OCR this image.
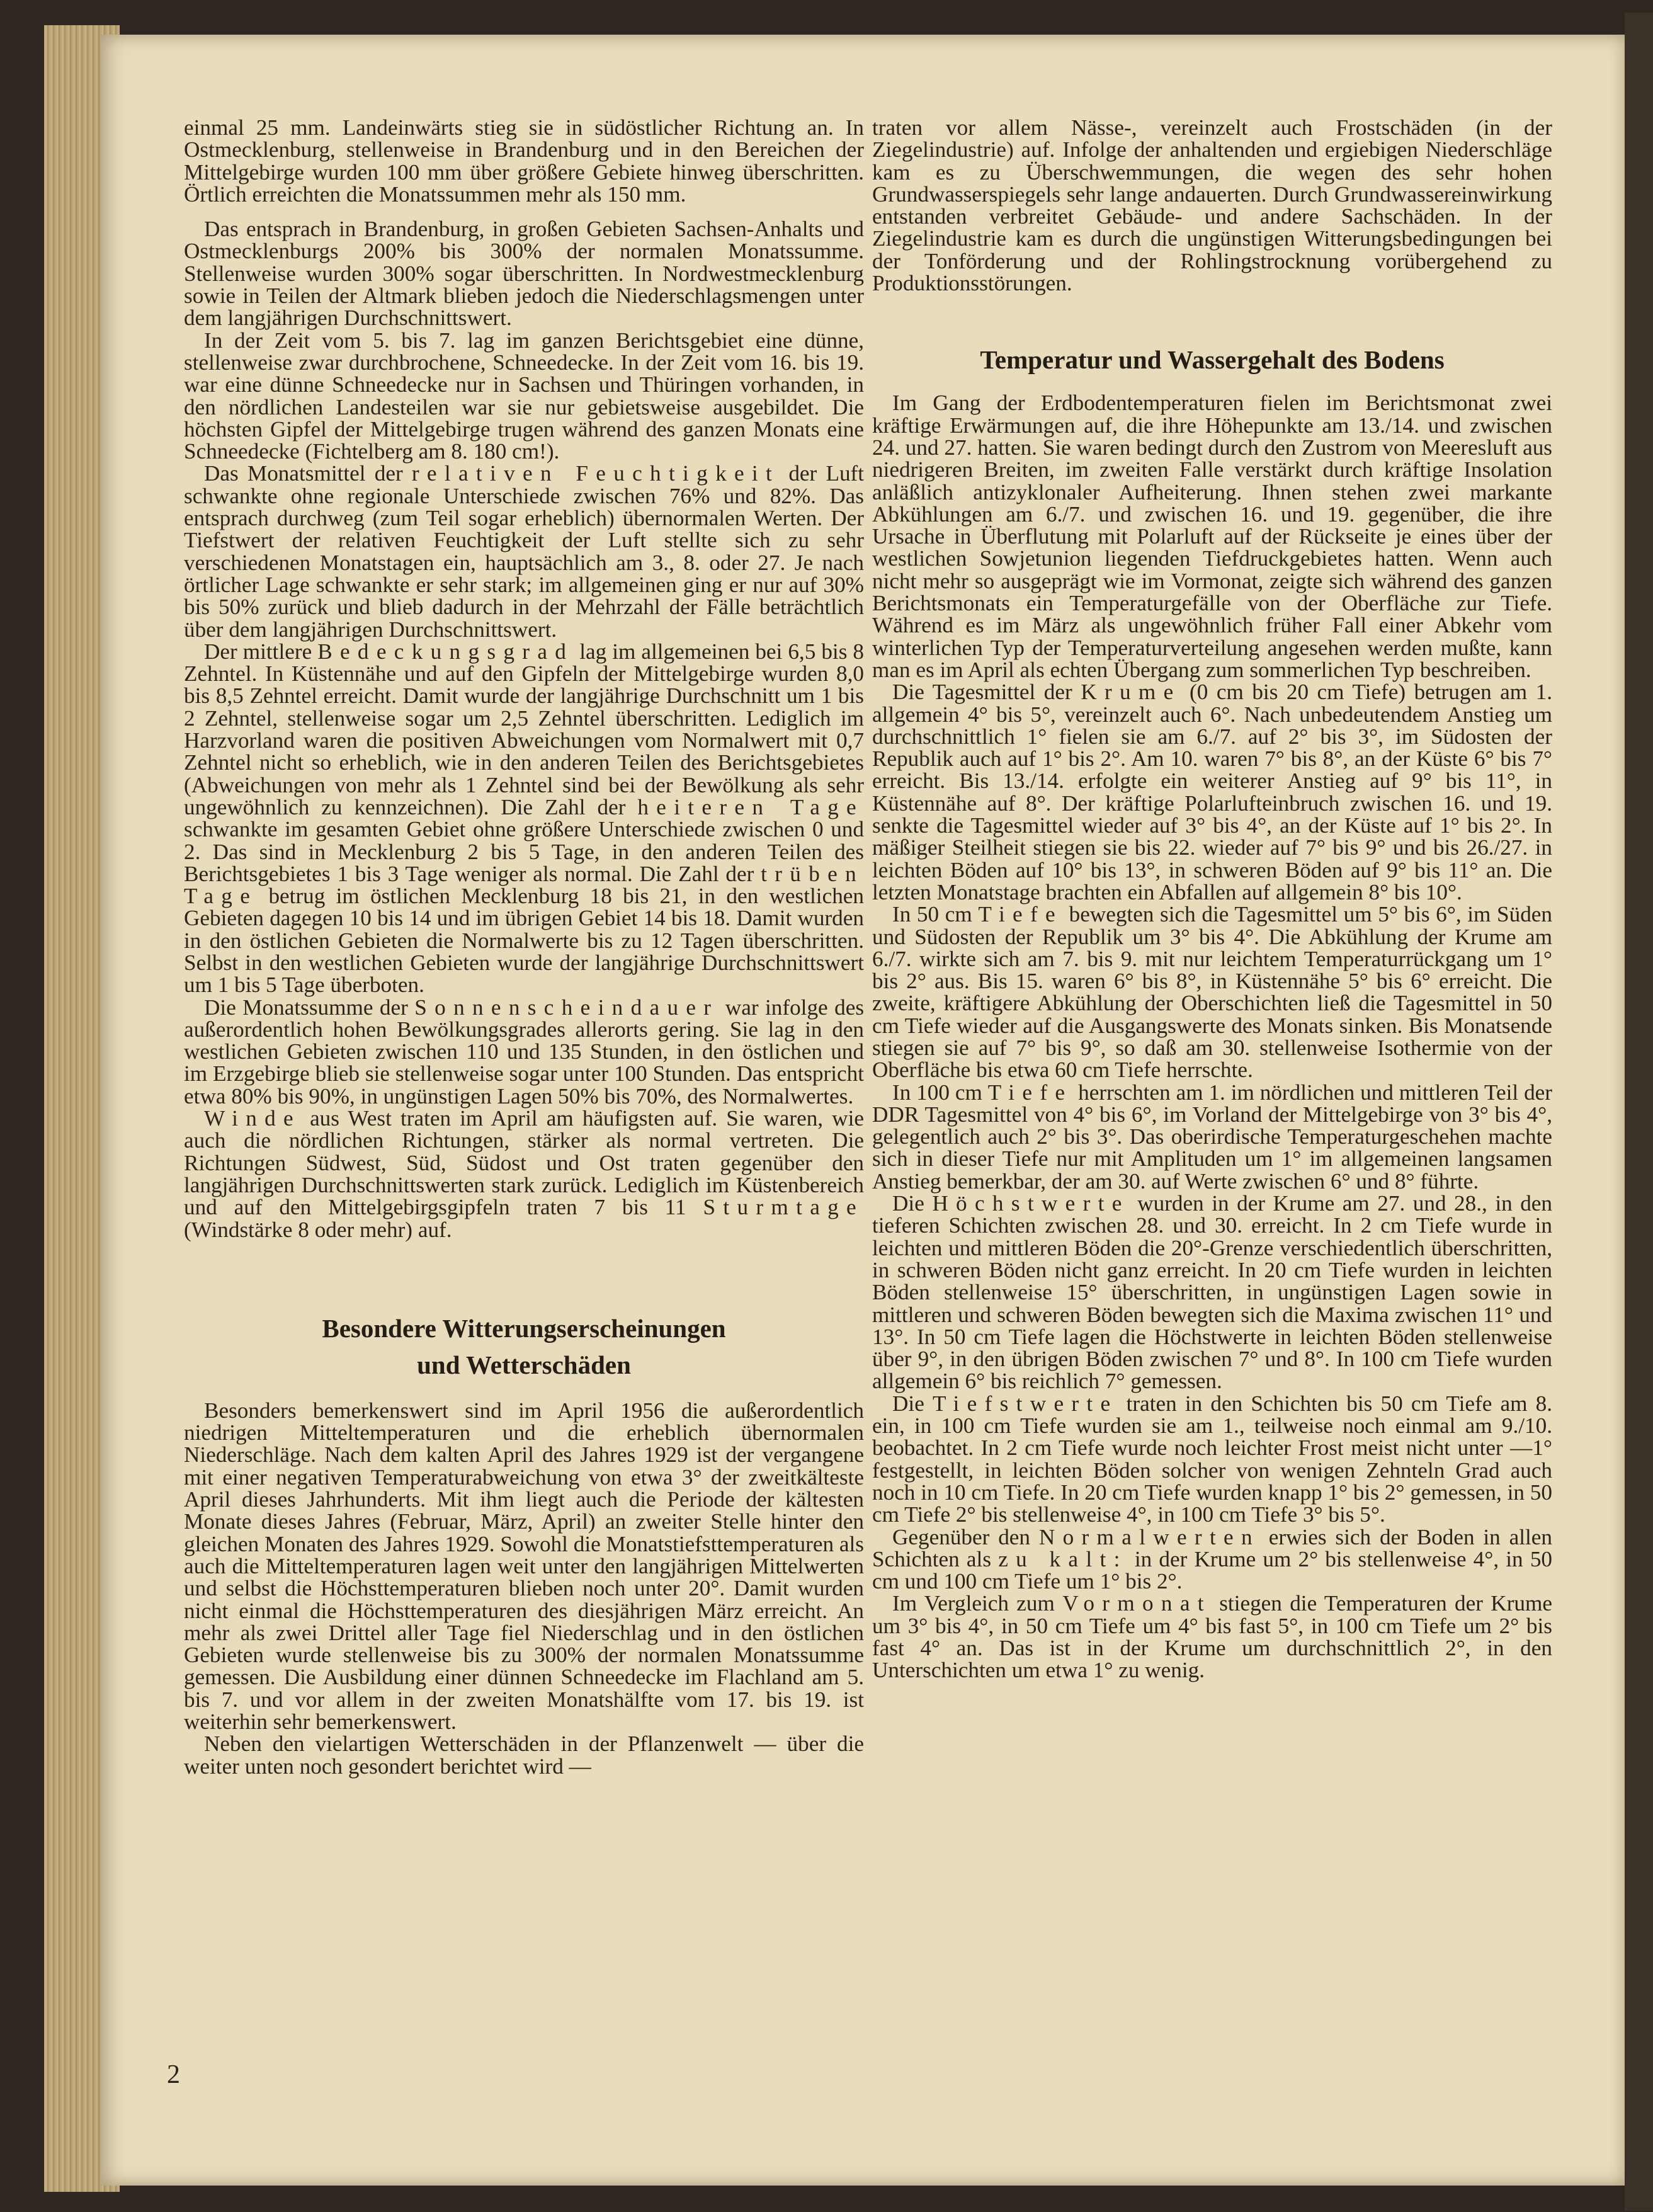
einmal 25 mm. Landeinwärts stieg sie in südöstlicher Richtung an. In Ostmecklenburg, stellenweise in Brandenburg und in den Bereichen der Mittelgebirge wurden 100 mm über größere Gebiete hinweg überschritten. Örtlich erreichten die Monatssummen mehr als 150 mm.

Das entsprach in Brandenburg, in großen Gebieten Sachsen-Anhalts und Ostmecklenburgs 200% bis 300% der normalen Monatssumme. Stellenweise wurden 300% sogar überschritten. In Nordwestmecklenburg sowie in Teilen der Altmark blieben jedoch die Niederschlagsmengen unter dem langjährigen Durchschnittswert.

In der Zeit vom 5. bis 7. lag im ganzen Berichtsgebiet eine dünne, stellenweise zwar durchbrochene, Schneedecke. In der Zeit vom 16. bis 19. war eine dünne Schneedecke nur in Sachsen und Thüringen vorhanden, in den nördlichen Landesteilen war sie nur gebietsweise ausgebildet. Die höchsten Gipfel der Mittelgebirge trugen während des ganzen Monats eine Schneedecke (Fichtelberg am 8. 180 cm!).

Das Monatsmittel der relativen Feuchtigkeit der Luft schwankte ohne regionale Unterschiede zwischen 76% und 82%. Das entsprach durchweg (zum Teil sogar erheblich) übernormalen Werten. Der Tiefstwert der relativen Feuchtigkeit der Luft stellte sich zu sehr verschiedenen Monatstagen ein, hauptsächlich am 3., 8. oder 27. Je nach örtlicher Lage schwankte er sehr stark; im allgemeinen ging er nur auf 30% bis 50% zurück und blieb dadurch in der Mehrzahl der Fälle beträchtlich über dem langjährigen Durchschnittswert.

Der mittlere Bedeckungsgrad lag im allgemeinen bei 6,5 bis 8 Zehntel. In Küstennähe und auf den Gipfeln der Mittelgebirge wurden 8,0 bis 8,5 Zehntel erreicht. Damit wurde der langjährige Durchschnitt um 1 bis 2 Zehntel, stellenweise sogar um 2,5 Zehntel überschritten. Lediglich im Harzvorland waren die positiven Abweichungen vom Normalwert mit 0,7 Zehntel nicht so erheblich, wie in den anderen Teilen des Berichtsgebietes (Abweichungen von mehr als 1 Zehntel sind bei der Bewölkung als sehr ungewöhnlich zu kennzeichnen). Die Zahl der heiteren Tage schwankte im gesamten Gebiet ohne größere Unterschiede zwischen 0 und 2. Das sind in Mecklenburg 2 bis 5 Tage, in den anderen Teilen des Berichtsgebietes 1 bis 3 Tage weniger als normal. Die Zahl der trüben Tage betrug im östlichen Mecklenburg 18 bis 21, in den westlichen Gebieten dagegen 10 bis 14 und im übrigen Gebiet 14 bis 18. Damit wurden in den östlichen Gebieten die Normalwerte bis zu 12 Tagen überschritten. Selbst in den westlichen Gebieten wurde der langjährige Durchschnittswert um 1 bis 5 Tage überboten.

Die Monatssumme der Sonnenscheindauer war infolge des außerordentlich hohen Bewölkungsgrades allerorts gering. Sie lag in den westlichen Gebieten zwischen 110 und 135 Stunden, in den östlichen und im Erzgebirge blieb sie stellenweise sogar unter 100 Stunden. Das entspricht etwa 80% bis 90%, in ungünstigen Lagen 50% bis 70%, des Normalwertes.

Winde aus West traten im April am häufigsten auf. Sie waren, wie auch die nördlichen Richtungen, stärker als normal vertreten. Die Richtungen Südwest, Süd, Südost und Ost traten gegenüber den langjährigen Durchschnittswerten stark zurück. Lediglich im Küstenbereich und auf den Mittelgebirgsgipfeln traten 7 bis 11 Sturmtage (Windstärke 8 oder mehr) auf.

Besondere Witterungserscheinungen
und Wetterschäden

Besonders bemerkenswert sind im April 1956 die außerordentlich niedrigen Mitteltemperaturen und die erheblich übernormalen Niederschläge. Nach dem kalten April des Jahres 1929 ist der vergangene mit einer negativen Temperaturabweichung von etwa 3° der zweitkälteste April dieses Jahrhunderts. Mit ihm liegt auch die Periode der kältesten Monate dieses Jahres (Februar, März, April) an zweiter Stelle hinter den gleichen Monaten des Jahres 1929. Sowohl die Monatstiefsttemperaturen als auch die Mitteltemperaturen lagen weit unter den langjährigen Mittelwerten und selbst die Höchsttemperaturen blieben noch unter 20°. Damit wurden nicht einmal die Höchsttemperaturen des diesjährigen März erreicht. An mehr als zwei Drittel aller Tage fiel Niederschlag und in den östlichen Gebieten wurde stellenweise bis zu 300% der normalen Monatssumme gemessen. Die Ausbildung einer dünnen Schneedecke im Flachland am 5. bis 7. und vor allem in der zweiten Monatshälfte vom 17. bis 19. ist weiterhin sehr bemerkenswert.

Neben den vielartigen Wetterschäden in der Pflanzenwelt — über die weiter unten noch gesondert berichtet wird —

traten vor allem Nässe-, vereinzelt auch Frostschäden (in der Ziegelindustrie) auf. Infolge der anhaltenden und ergiebigen Niederschläge kam es zu Überschwemmungen, die wegen des sehr hohen Grundwasserspiegels sehr lange andauerten. Durch Grundwassereinwirkung entstanden verbreitet Gebäude- und andere Sachschäden. In der Ziegelindustrie kam es durch die ungünstigen Witterungsbedingungen bei der Tonförderung und der Rohlingstrocknung vorübergehend zu Produktionsstörungen.

Temperatur und Wassergehalt des Bodens

Im Gang der Erdbodentemperaturen fielen im Berichtsmonat zwei kräftige Erwärmungen auf, die ihre Höhepunkte am 13./14. und zwischen 24. und 27. hatten. Sie waren bedingt durch den Zustrom von Meeresluft aus niedrigeren Breiten, im zweiten Falle verstärkt durch kräftige Insolation anläßlich antizyklonaler Aufheiterung. Ihnen stehen zwei markante Abkühlungen am 6./7. und zwischen 16. und 19. gegenüber, die ihre Ursache in Überflutung mit Polarluft auf der Rückseite je eines über der westlichen Sowjetunion liegenden Tiefdruckgebietes hatten. Wenn auch nicht mehr so ausgeprägt wie im Vormonat, zeigte sich während des ganzen Berichtsmonats ein Temperaturgefälle von der Oberfläche zur Tiefe. Während es im März als ungewöhnlich früher Fall einer Abkehr vom winterlichen Typ der Temperaturverteilung angesehen werden mußte, kann man es im April als echten Übergang zum sommerlichen Typ beschreiben.

Die Tagesmittel der Krume (0 cm bis 20 cm Tiefe) betrugen am 1. allgemein 4° bis 5°, vereinzelt auch 6°. Nach unbedeutendem Anstieg um durchschnittlich 1° fielen sie am 6./7. auf 2° bis 3°, im Südosten der Republik auch auf 1° bis 2°. Am 10. waren 7° bis 8°, an der Küste 6° bis 7° erreicht. Bis 13./14. erfolgte ein weiterer Anstieg auf 9° bis 11°, in Küstennähe auf 8°. Der kräftige Polarlufteinbruch zwischen 16. und 19. senkte die Tagesmittel wieder auf 3° bis 4°, an der Küste auf 1° bis 2°. In mäßiger Steilheit stiegen sie bis 22. wieder auf 7° bis 9° und bis 26./27. in leichten Böden auf 10° bis 13°, in schweren Böden auf 9° bis 11° an. Die letzten Monatstage brachten ein Abfallen auf allgemein 8° bis 10°.

In 50 cm Tiefe bewegten sich die Tagesmittel um 5° bis 6°, im Süden und Südosten der Republik um 3° bis 4°. Die Abkühlung der Krume am 6./7. wirkte sich am 7. bis 9. mit nur leichtem Temperaturrückgang um 1° bis 2° aus. Bis 15. waren 6° bis 8°, in Küstennähe 5° bis 6° erreicht. Die zweite, kräftigere Abkühlung der Oberschichten ließ die Tagesmittel in 50 cm Tiefe wieder auf die Ausgangswerte des Monats sinken. Bis Monatsende stiegen sie auf 7° bis 9°, so daß am 30. stellenweise Isothermie von der Oberfläche bis etwa 60 cm Tiefe herrschte.

In 100 cm Tiefe herrschten am 1. im nördlichen und mittleren Teil der DDR Tagesmittel von 4° bis 6°, im Vorland der Mittelgebirge von 3° bis 4°, gelegentlich auch 2° bis 3°. Das oberirdische Temperaturgeschehen machte sich in dieser Tiefe nur mit Amplituden um 1° im allgemeinen langsamen Anstieg bemerkbar, der am 30. auf Werte zwischen 6° und 8° führte.

Die Höchstwerte wurden in der Krume am 27. und 28., in den tieferen Schichten zwischen 28. und 30. erreicht. In 2 cm Tiefe wurde in leichten und mittleren Böden die 20°-Grenze verschiedentlich überschritten, in schweren Böden nicht ganz erreicht. In 20 cm Tiefe wurden in leichten Böden stellenweise 15° überschritten, in ungünstigen Lagen sowie in mittleren und schweren Böden bewegten sich die Maxima zwischen 11° und 13°. In 50 cm Tiefe lagen die Höchstwerte in leichten Böden stellenweise über 9°, in den übrigen Böden zwischen 7° und 8°. In 100 cm Tiefe wurden allgemein 6° bis reichlich 7° gemessen.

Die Tiefstwerte traten in den Schichten bis 50 cm Tiefe am 8. ein, in 100 cm Tiefe wurden sie am 1., teilweise noch einmal am 9./10. beobachtet. In 2 cm Tiefe wurde noch leichter Frost meist nicht unter —1° festgestellt, in leichten Böden solcher von wenigen Zehnteln Grad auch noch in 10 cm Tiefe. In 20 cm Tiefe wurden knapp 1° bis 2° gemessen, in 50 cm Tiefe 2° bis stellenweise 4°, in 100 cm Tiefe 3° bis 5°.

Gegenüber den Normalwerten erwies sich der Boden in allen Schichten als zu kalt: in der Krume um 2° bis stellenweise 4°, in 50 cm und 100 cm Tiefe um 1° bis 2°.

Im Vergleich zum Vormonat stiegen die Temperaturen der Krume um 3° bis 4°, in 50 cm Tiefe um 4° bis fast 5°, in 100 cm Tiefe um 2° bis fast 4° an. Das ist in der Krume um durchschnittlich 2°, in den Unterschichten um etwa 1° zu wenig.

2
